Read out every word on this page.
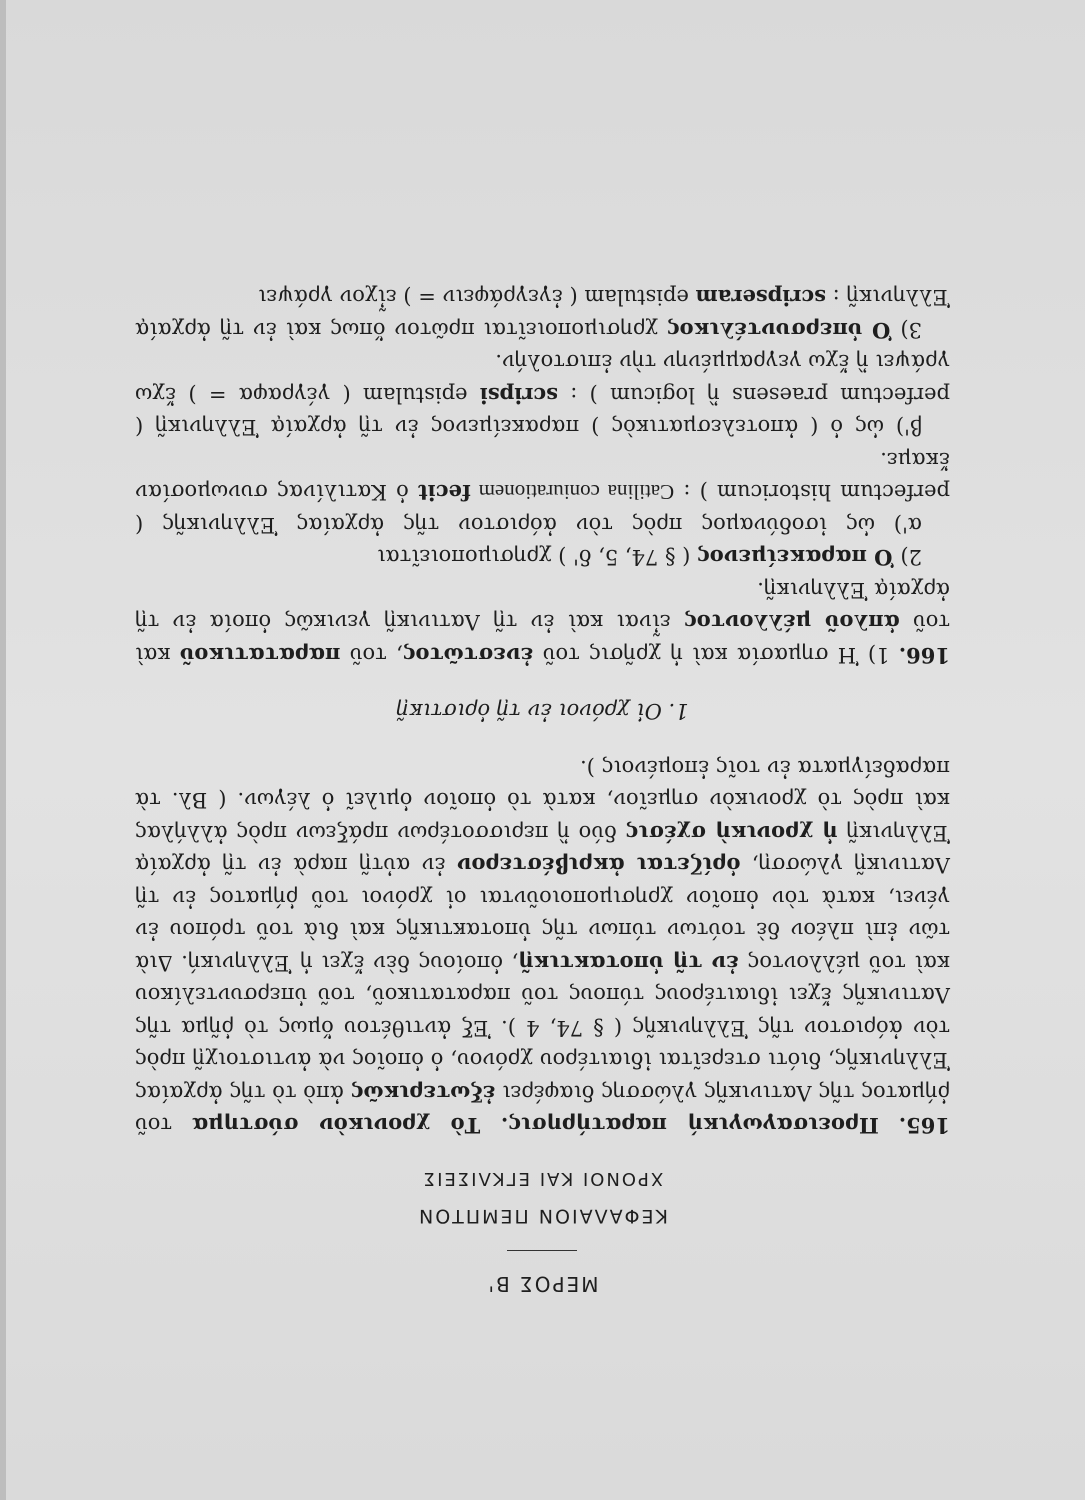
ΜΕΡΟΣ Β'
ΚΕΦΑΛΑΙΟΝ ΠΕΜΠΤΟΝ
ΧΡΟΝΟΙ ΚΑΙ ΕΓΚΛΙΣΕΙΣ

165. Προεισαγωγική παρατήρησις. Τὸ χρονικὸν σύστημα τοῦ ῥήματος τῆς Λατινικῆς γλώσσης διαφέρει ἐξωτερικῶς ἀπὸ τὸ τῆς ἀρχαίας Ἑλληνικῆς, διότι στερεῖται ἰδιαιτέρου χρόνου, ὁ ὁποῖος νὰ ἀντιστοιχῇ πρὸς τὸν ἀόριστον τῆς Ἑλληνικῆς ( § 74, 4 ). Ἐξ ἀντιθέτου ὅμως τὸ ῥῆμα τῆς Λατινικῆς ἔχει ἰδιαιτέρους τύπους τοῦ παρατατικοῦ, τοῦ ὑπερσυντελίκου καὶ τοῦ μέλλοντος ἐν τῇ ὑποτακτικῇ, ὁποίους δὲν ἔχει ἡ Ἑλληνική. Διὰ τῶν ἐπὶ πλέον δὲ τούτων τύπων τῆς ὑποτακτικῆς καὶ διὰ τοῦ τρόπου ἐν γένει, κατὰ τὸν ὁποῖον χρησιμοποιοῦνται οἱ χρόνοι τοῦ ῥήματος ἐν τῇ Λατινικῇ γλώσσῃ, ὁρίζεται ἀκριβέστερον ἐν αὐτῇ παρὰ ἐν τῇ ἀρχαίᾳ Ἑλληνικῇ ἡ χρονικὴ σχέσις δύο ἢ περισσοτέρων πράξεων πρὸς ἀλλήλας καὶ πρὸς τὸ χρονικὸν σημεῖον, κατὰ τὸ ὁποῖον ὁμιλεῖ ὁ λέγων. ( Βλ. τὰ παραδείγματα ἐν τοῖς ἑπομένοις ).

1. Οἱ χρόνοι ἐν τῇ ὁριστικῇ

166. 1) Ἡ σημασία καὶ ἡ χρῆσις τοῦ ἐνεστῶτος, τοῦ παρατατικοῦ καὶ τοῦ ἁπλοῦ μέλλοντος εἶναι καὶ ἐν τῇ Λατινικῇ γενικῶς ὁποία ἐν τῇ ἀρχαίᾳ Ἑλληνικῇ.

2) Ὁ παρακείμενος ( § 74, 5, δ' ) χρησιμοποιεῖται

α') ὡς ἰσοδύναμος πρὸς τὸν ἀόριστον τῆς ἀρχαίας Ἑλληνικῆς ( perfectum historicum ) : Catilina coniurationem fecit ὁ Κατιλίνας συνωμοσίαν ἔκαμε.

β') ὡς ὁ ( ἀποτελεσματικὸς ) παρακείμενος ἐν τῇ ἀρχαίᾳ Ἑλληνικῇ ( perfectum praesens ἢ logicum ) : scripsi epistulam ( γέγραφα = ) ἔχω γράψει ἢ ἔχω γεγραμμένην τὴν ἐπιστολήν.

3) Ὁ ὑπερσυντέλικος χρησιμοποιεῖται πρῶτον ὅπως καὶ ἐν τῇ ἀρχαίᾳ Ἑλληνικῇ : scripseram epistulam ( ἐγεγράφειν = ) εἶχον γράψει
